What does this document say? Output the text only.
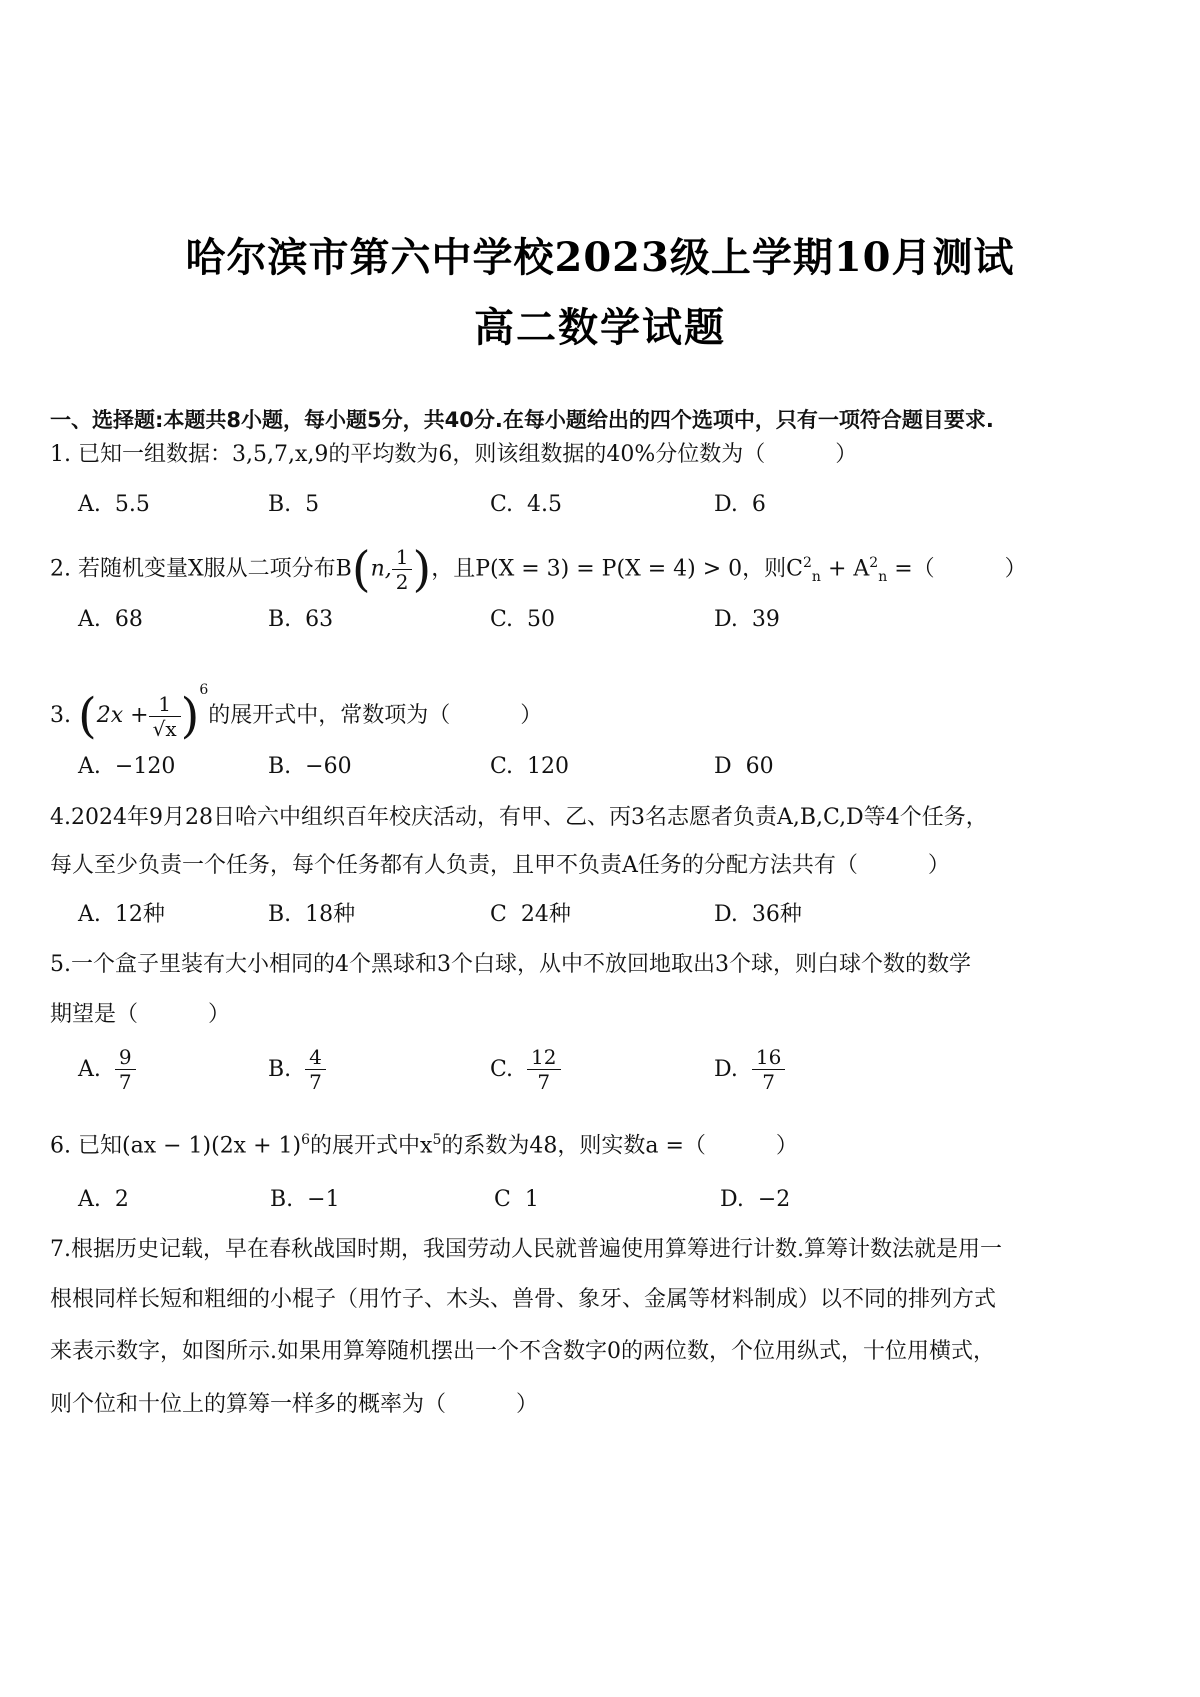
哈尔滨市第六中学校2023级上学期10月测试
高二数学试题
一、选择题:本题共8小题，每小题5分，共40分.在每小题给出的四个选项中，只有一项符合题目要求.
1. 已知一组数据：3,5,7,x,9的平均数为6，则该组数据的40%分位数为（	）
A. 5.5	B. 5	C. 4.5	D. 6
2. 若随机变量X服从二项分布B(n, $\frac{1}{2}$ )，且P(X = 3) = P(X = 4) > 0，则$C^2_n + A^2_n$ =（	）
A. 68	B. 63	C. 50	D. 39
3. $(2x + \frac{1}{√x} )^6$的展开式中，常数项为（	）
A. −120	B. −60	C. 120	D 60
4.2024年9月28日哈六中组织百年校庆活动，有甲、乙、丙3名志愿者负责A,B,C,D等4个任务，
每人至少负责一个任务，每个任务都有人负责，且甲不负责A任务的分配方法共有（	）
A. 12种	B. 18种	C 24种	D. 36种
5.一个盒子里装有大小相同的4个黑球和3个白球，从中不放回地取出3个球，则白球个数的数学
期望是（	）
A. $\frac{9}{7}$	B. $\frac{4}{7}$	C. $\frac{12}{7}$	D. $\frac{16}{7}$
6. 已知$(ax - 1)(2x + 1)^6$的展开式中$x^5$的系数为48，则实数a =（	）
A. 2	B. −1	C 1	D. −2
7.根据历史记载，早在春秋战国时期，我国劳动人民就普遍使用算筹进行计数.算筹计数法就是用一
根根同样长短和粗细的小棍子（用竹子、木头、兽骨、象牙、金属等材料制成）以不同的排列方式
来表示数字，如图所示.如果用算筹随机摆出一个不含数字0的两位数，个位用纵式，十位用横式，
则个位和十位上的算筹一样多的概率为（	）
